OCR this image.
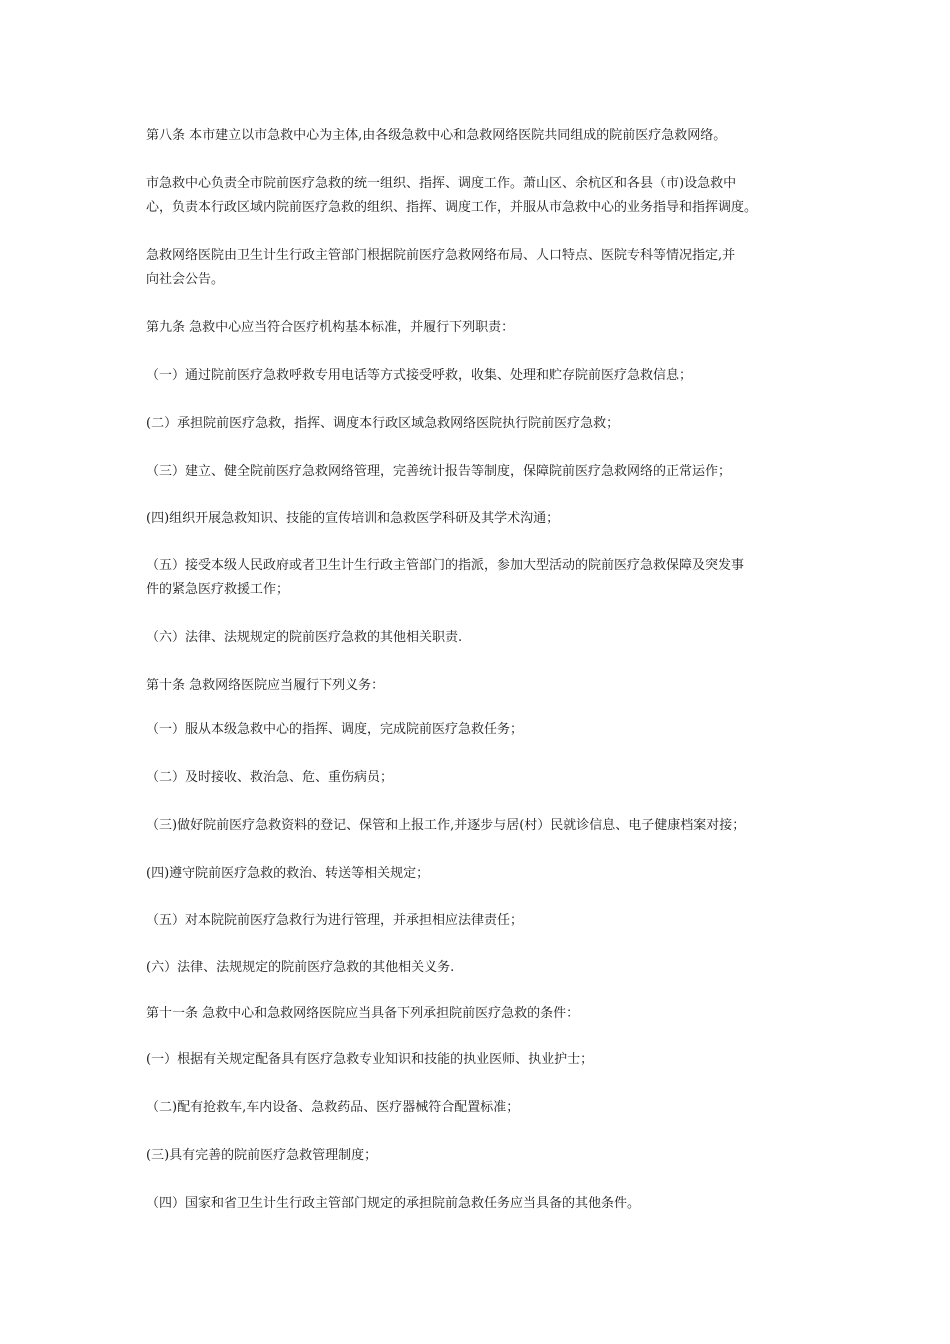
第八条 本市建立以市急救中心为主体,由各级急救中心和急救网络医院共同组成的院前医疗急救网络。
市急救中心负责全市院前医疗急救的统一组织、指挥、调度工作。萧山区、余杭区和各县（市)设急救中
心，负责本行政区域内院前医疗急救的组织、指挥、调度工作，并服从市急救中心的业务指导和指挥调度。
急救网络医院由卫生计生行政主管部门根据院前医疗急救网络布局、人口特点、医院专科等情况指定,并
向社会公告。
第九条 急救中心应当符合医疗机构基本标准，并履行下列职责：
（一）通过院前医疗急救呼救专用电话等方式接受呼救，收集、处理和贮存院前医疗急救信息；
(二）承担院前医疗急救，指挥、调度本行政区域急救网络医院执行院前医疗急救；
（三）建立、健全院前医疗急救网络管理，完善统计报告等制度，保障院前医疗急救网络的正常运作；
(四)组织开展急救知识、技能的宣传培训和急救医学科研及其学术沟通；
（五）接受本级人民政府或者卫生计生行政主管部门的指派，参加大型活动的院前医疗急救保障及突发事
件的紧急医疗救援工作；
（六）法律、法规规定的院前医疗急救的其他相关职责.
第十条 急救网络医院应当履行下列义务：
（一）服从本级急救中心的指挥、调度，完成院前医疗急救任务；
（二）及时接收、救治急、危、重伤病员；
（三)做好院前医疗急救资料的登记、保管和上报工作,并逐步与居(村）民就诊信息、电子健康档案对接；
(四)遵守院前医疗急救的救治、转送等相关规定；
（五）对本院院前医疗急救行为进行管理，并承担相应法律责任；
(六）法律、法规规定的院前医疗急救的其他相关义务.
第十一条 急救中心和急救网络医院应当具备下列承担院前医疗急救的条件：
(一）根据有关规定配备具有医疗急救专业知识和技能的执业医师、执业护士；
（二)配有抢救车,车内设备、急救药品、医疗器械符合配置标准；
(三)具有完善的院前医疗急救管理制度；
（四）国家和省卫生计生行政主管部门规定的承担院前急救任务应当具备的其他条件。
